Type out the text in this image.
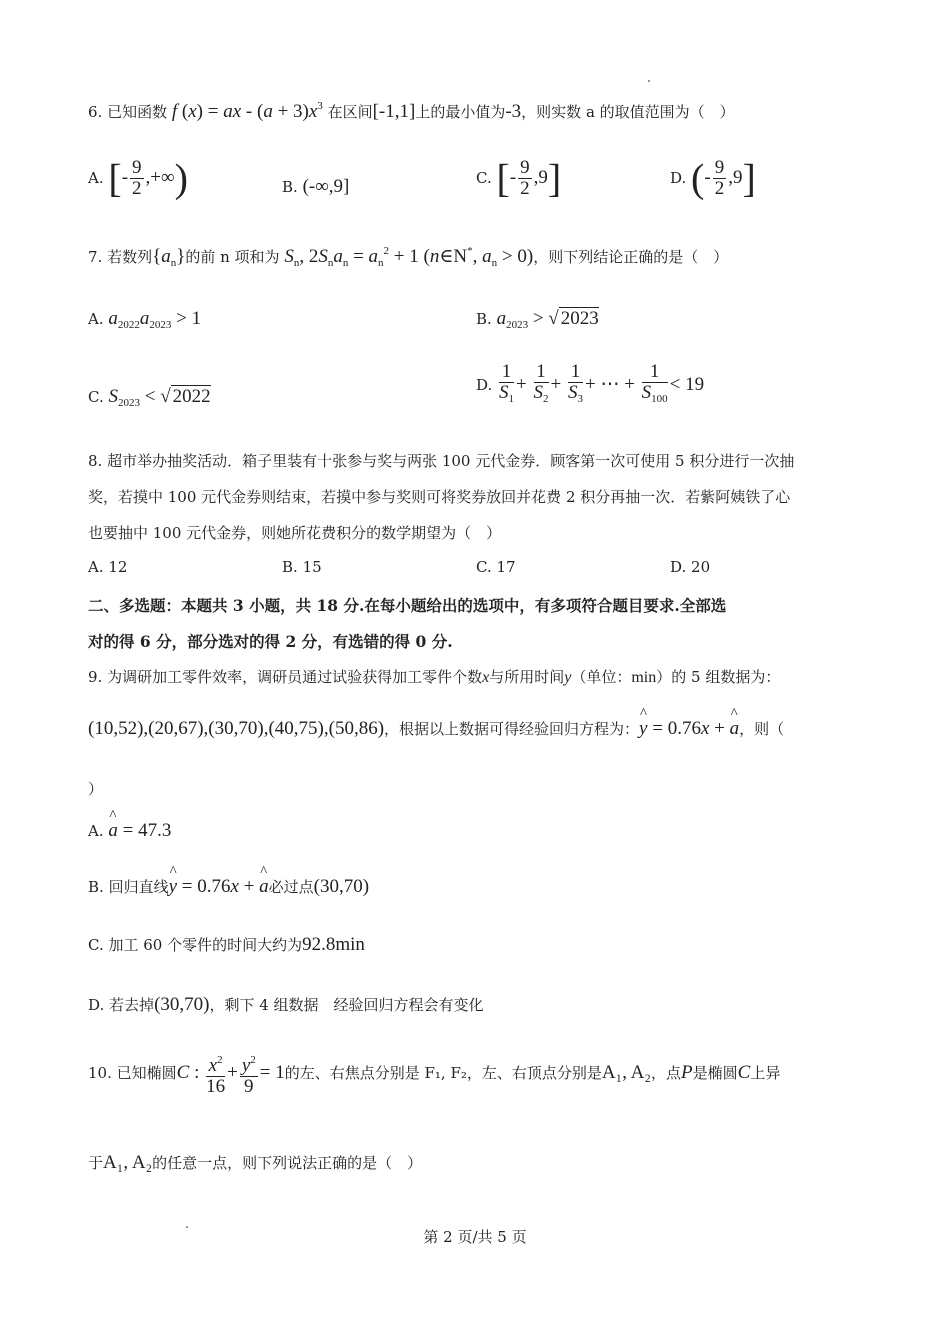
6. 已知函数 f (x) = ax - $(a + 3)x^3$ 在区间[-1,1]上的最小值为-3，则实数 a 的取值范围为（　）
A. [- $\frac{9}{2}$ ,+∞)	B. (-∞,9]	C. [- $\frac{9}{2} ,9$]	D. (- $\frac{9}{2} ,9$]
7. 若数列$\{a_n\}$的前 n 项和为 $S_n$, $2S_na_n = a_n^2 + 1$ (n∈N*, $a_n > 0$)，则下列结论正确的是（　）
A. $a_{2022}a_{2023} > 1$	B. $a_{2023}$ > √ 2023
C. $S_{2023}$ < √ 2022
D. $\frac{1}{S_1} + \frac{1}{S_2} + \frac{1}{S_3}$ + ⋯ + $\frac{1}{S_{100}} < 19$
8. 超市举办抽奖活动．箱子里装有十张参与奖与两张 100 元代金券．顾客第一次可使用 5 积分进行一次抽
奖，若摸中 100 元代金券则结束，若摸中参与奖则可将奖券放回并花费 2 积分再抽一次．若紫阿姨铁了心
也要抽中 100 元代金券，则她所花费积分的数学期望为（　）
A. 12	B. 15	C. 17	D. 20
二、多选题：本题共 3 小题，共 18 分.在每小题给出的选项中，有多项符合题目要求.全部选
对的得 6 分，部分选对的得 2 分，有选错的得 0 分.
9. 为调研加工零件效率，调研员通过试验获得加工零件个数x与所用时间y（单位：min）的 5 组数据为：
(10,52),(20,67),(30,70),(40,75),(50,86)，根据以上数据可得经验回归方程为：^ y = 0.76x + ^ a，则（
）
A. ^ a = 47.3
B. 回归直线^ y = 0.76x + ^ a必过点(30,70)
C. 加工 60 个零件的时间大约为92.8min
D. 若去掉(30,70)，剩下 4 组数据　经验回归方程会有变化
10. 已知椭圆C : $\frac{x^2}{16} + \frac{y^2}{9} = 1$的左、右焦点分别是 F₁, F₂，左、右顶点分别是A₁, A₂，点P是椭圆C上异
于A₁, A₂的任意一点，则下列说法正确的是（　）
第 2 页/共 5 页
